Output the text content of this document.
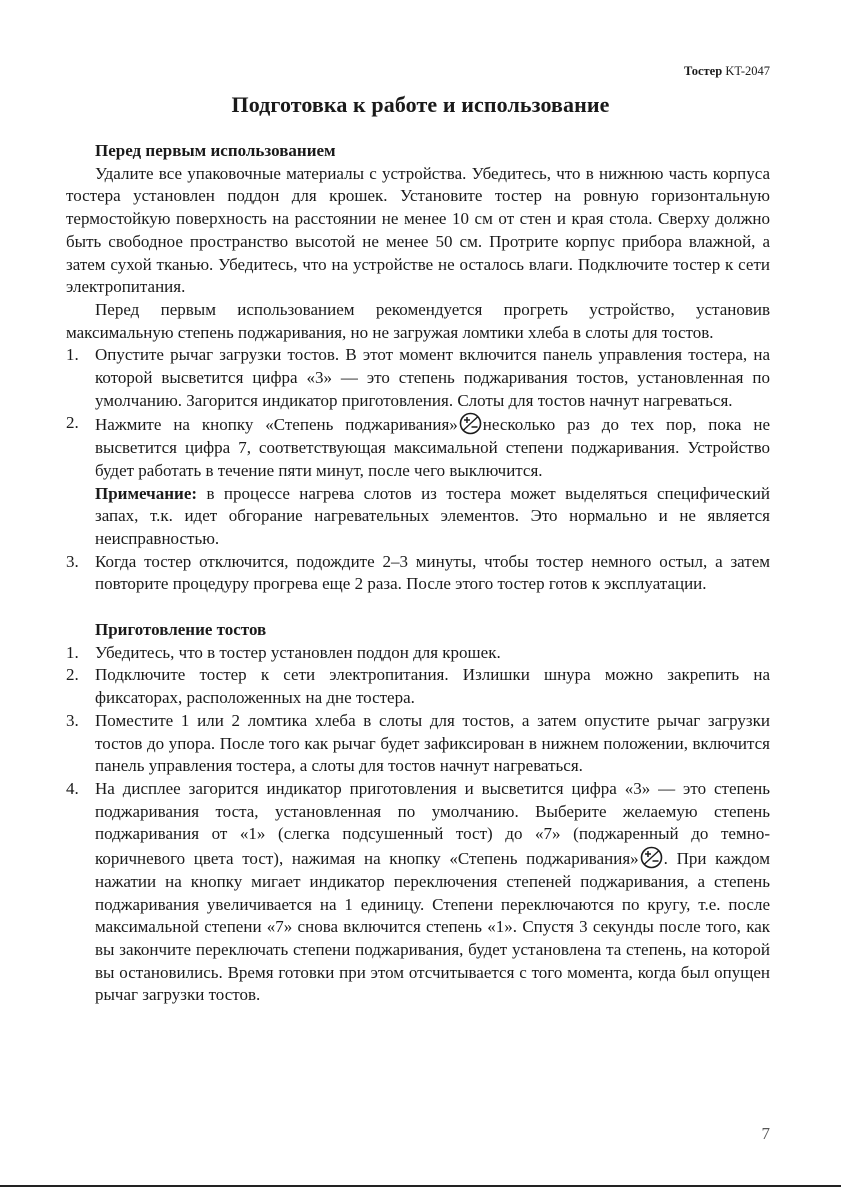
Тостер KT-2047
Подготовка к работе и использование

Перед первым использованием

Удалите все упаковочные материалы с устройства. Убедитесь, что в нижнюю часть корпуса тостера установлен поддон для крошек. Установите тостер на ровную горизонтальную термостойкую поверхность на расстоянии не менее 10 см от стен и края стола. Сверху должно быть свободное пространство высотой не менее 50 см. Протрите корпус прибора влажной, а затем сухой тканью. Убедитесь, что на устройстве не осталось влаги. Подключите тостер к сети электропитания.

Перед первым использованием рекомендуется прогреть устройство, установив максимальную степень поджаривания, но не загружая ломтики хлеба в слоты для тостов.

1. Опустите рычаг загрузки тостов. В этот момент включится панель управления тостера, на которой высветится цифра «3» — это степень поджаривания тостов, установленная по умолчанию. Загорится индикатор приготовления. Слоты для тостов начнут нагреваться.
2. Нажмите на кнопку «Степень поджаривания» несколько раз до тех пор, пока не высветится цифра 7, соответствующая максимальной степени поджаривания. Устройство будет работать в течение пяти минут, после чего выключится.
Примечание: в процессе нагрева слотов из тостера может выделяться специфический запах, т.к. идет обгорание нагревательных элементов. Это нормально и не является неисправностью.
3. Когда тостер отключится, подождите 2–3 минуты, чтобы тостер немного остыл, а затем повторите процедуру прогрева еще 2 раза. После этого тостер готов к эксплуатации.

Приготовление тостов

1. Убедитесь, что в тостер установлен поддон для крошек.
2. Подключите тостер к сети электропитания. Излишки шнура можно закрепить на фиксаторах, расположенных на дне тостера.
3. Поместите 1 или 2 ломтика хлеба в слоты для тостов, а затем опустите рычаг загрузки тостов до упора. После того как рычаг будет зафиксирован в нижнем положении, включится панель управления тостера, а слоты для тостов начнут нагреваться.
4. На дисплее загорится индикатор приготовления и высветится цифра «3» — это степень поджаривания тоста, установленная по умолчанию. Выберите желаемую степень поджаривания от «1» (слегка подсушенный тост) до «7» (поджаренный до темно-коричневого цвета тост), нажимая на кнопку «Степень поджаривания» . При каждом нажатии на кнопку мигает индикатор переключения степеней поджаривания, а степень поджаривания увеличивается на 1 единицу. Степени переключаются по кругу, т.е. после максимальной степени «7» снова включится степень «1». Спустя 3 секунды после того, как вы закончите переключать степени поджаривания, будет установлена та степень, на которой вы остановились. Время готовки при этом отсчитывается с того момента, когда был опущен рычаг загрузки тостов.
7
